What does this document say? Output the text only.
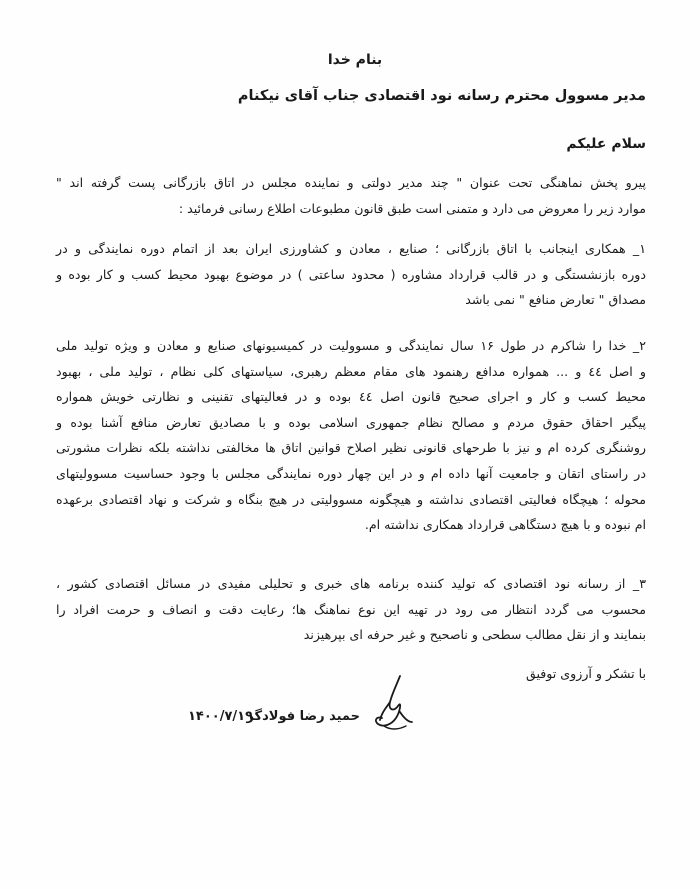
بنام خدا
مدیر مسوول محترم رسانه نود اقتصادی جناب آقای نیکنام
سلام علیکم
پیرو پخش نماهنگی تحت عنوان " چند مدیر دولتی و نماینده مجلس در اتاق بازرگانی پست گرفته اند "
موارد زیر را معروض می دارد و متمنی است طبق قانون مطبوعات اطلاع رسانی فرمائید :
۱_ همکاری اینجانب با اتاق بازرگانی ؛ صنایع ، معادن و کشاورزی ایران بعد از اتمام دوره نمایندگی و در
دوره بازنشستگی و در قالب قرارداد مشاوره ( محدود ساعتی ) در موضوع بهبود محیط کسب و کار بوده و
مصداق " تعارض منافع " نمی باشد
۲_ خدا را شاکرم در طول ۱۶ سال نمایندگی و مسوولیت در کمیسیونهای صنایع و معادن و ویژه تولید ملی
و اصل ٤٤ و ... همواره مدافع رهنمود های مقام معظم رهبری، سیاستهای کلی نظام ، تولید ملی ، بهبود
محیط کسب و کار و اجرای صحیح قانون اصل ٤٤ بوده و در فعالیتهای تقنینی و نظارتی خویش همواره
پیگیر احقاق حقوق مردم و مصالح نظام جمهوری اسلامی بوده و با مصادیق تعارض منافع آشنا بوده و
روشنگری کرده ام و نیز با طرحهای قانونی نظیر اصلاح قوانین اتاق ها مخالفتی نداشته بلکه نظرات مشورتی
در راستای اتقان و جامعیت آنها داده ام و در این چهار دوره نمایندگی مجلس با وجود حساسیت مسوولیتهای
محوله ؛ هیچگاه فعالیتی اقتصادی نداشته و هیچگونه مسوولیتی در هیچ بنگاه و شرکت و نهاد اقتصادی برعهده
ام نبوده و با هیچ دستگاهی قرارداد همکاری نداشته ام.
۳_ از رسانه نود اقتصادی که تولید کننده برنامه های خبری و تحلیلی مفیدی در مسائل اقتصادی کشور ،
محسوب می گردد انتظار می رود در تهیه این نوع نماهنگ ها؛ رعایت دقت و انصاف و حرمت افراد را
بنمایند و از نقل مطالب سطحی و ناصحیح و غیر حرفه ای بپرهیزند
با تشکر و آرزوی توفیق
حمید رضا فولادگر
۱۴۰۰/۷/۱۹
